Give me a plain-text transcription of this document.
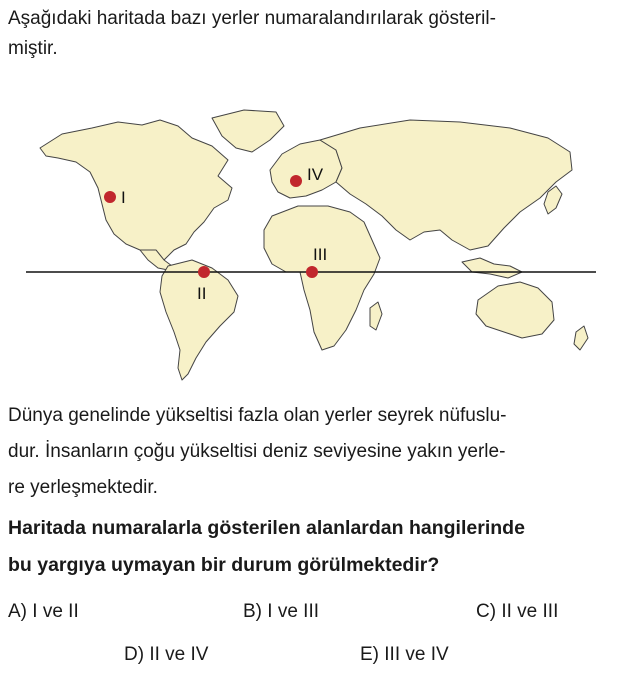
Aşağıdaki haritada bazı yerler numaralandırılarak gösteril-
miştir.
I
II
III
IV
Dünya genelinde yükseltisi fazla olan yerler seyrek nüfuslu-
dur. İnsanların çoğu yükseltisi deniz seviyesine yakın yerle-
re yerleşmektedir.
Haritada numaralarla gösterilen alanlardan hangilerinde
bu yargıya uymayan bir durum görülmektedir?
A) I ve II	B) I ve III	C) II ve III
D) II ve IV	E) III ve IV
